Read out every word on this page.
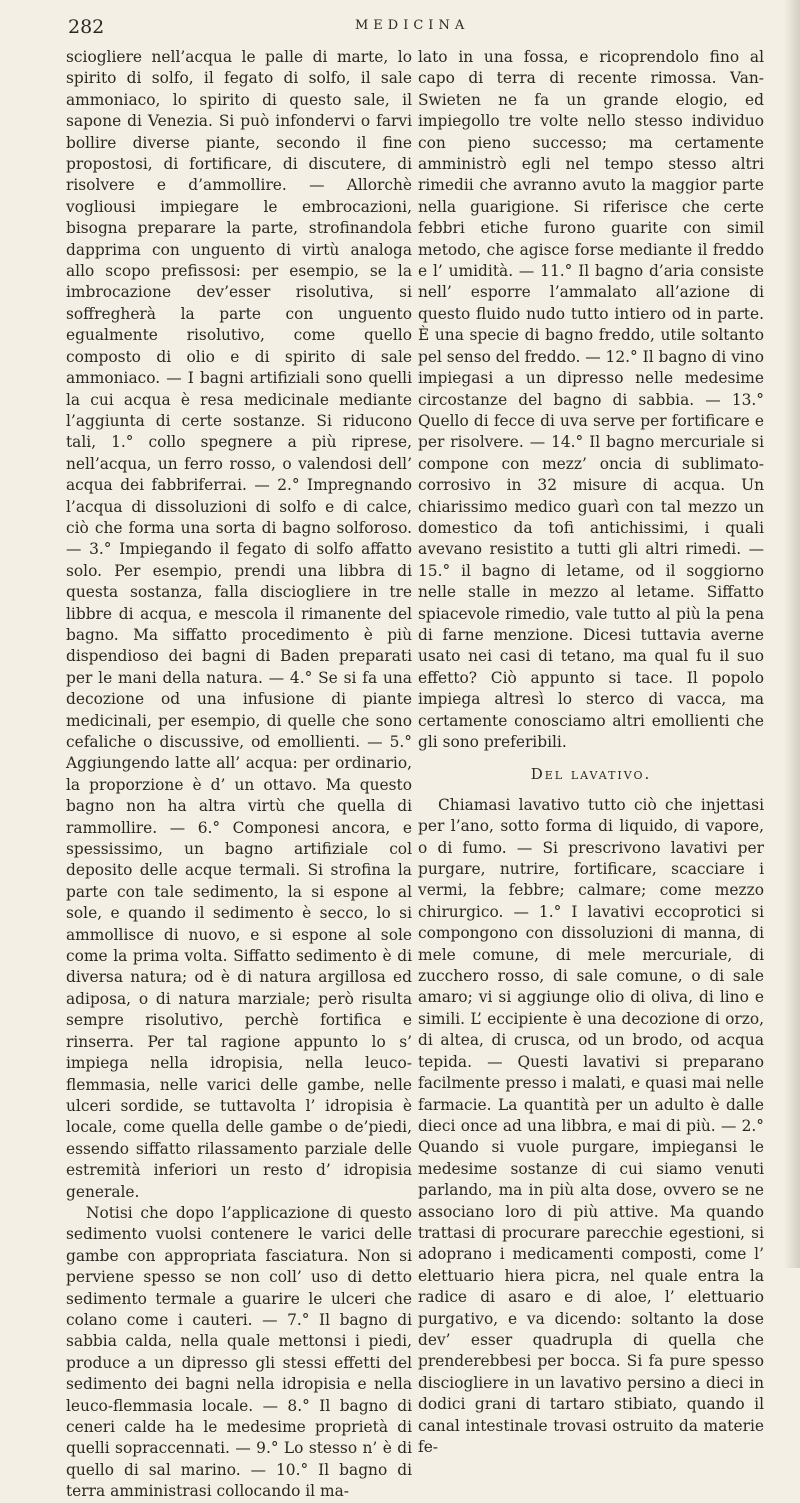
282	MEDICINA

sciogliere nell’acqua le palle di marte, lo spirito di solfo, il fegato di solfo, il sale ammoniaco, lo spirito di questo sale, il sapone di Venezia. Si può infondervi o farvi bollire diverse piante, secondo il fine propostosi, di fortificare, di discutere, di risolvere e d’ammollire. — Allorchè vogliousi impiegare le embrocazioni, bisogna preparare la parte, strofinandola dapprima con unguento di virtù analoga allo scopo prefissosi: per esempio, se la imbrocazione dev’esser risolutiva, si soffregherà la parte con unguento egualmente risolutivo, come quello composto di olio e di spirito di sale ammoniaco. — I bagni artifiziali sono quelli la cui acqua è resa medicinale mediante l’aggiunta di certe sostanze. Si riducono tali, 1.° collo spegnere a più riprese, nell’acqua, un ferro rosso, o valendosi dell’ acqua dei fabbriferrai. — 2.° Impregnando l’acqua di dissoluzioni di solfo e di calce, ciò che forma una sorta di bagno solforoso. — 3.° Impiegando il fegato di solfo affatto solo. Per esempio, prendi una libbra di questa sostanza, falla disciogliere in tre libbre di acqua, e mescola il rimanente del bagno. Ma siffatto procedimento è più dispendioso dei bagni di Baden preparati per le mani della natura. — 4.° Se si fa una decozione od una infusione di piante medicinali, per esempio, di quelle che sono cefaliche o discussive, od emollienti. — 5.° Aggiungendo latte all’ acqua: per ordinario, la proporzione è d’ un ottavo. Ma questo bagno non ha altra virtù che quella di rammollire. — 6.° Componesi ancora, e spessissimo, un bagno artifiziale col deposito delle acque termali. Si strofina la parte con tale sedimento, la si espone al sole, e quando il sedimento è secco, lo si ammollisce di nuovo, e si espone al sole come la prima volta. Siffatto sedimento è di diversa natura; od è di natura argillosa ed adiposa, o di natura marziale; però risulta sempre risolutivo, perchè fortifica e rinserra. Per tal ragione appunto lo s’ impiega nella idropisia, nella leuco-flemmasia, nelle varici delle gambe, nelle ulceri sordide, se tuttavolta l’ idropisia è locale, come quella delle gambe o de’piedi, essendo siffatto rilassamento parziale delle estremità inferiori un resto d’ idropisia generale.

Notisi che dopo l’applicazione di questo sedimento vuolsi contenere le varici delle gambe con appropriata fasciatura. Non si perviene spesso se non coll’ uso di detto sedimento termale a guarire le ulceri che colano come i cauteri. — 7.° Il bagno di sabbia calda, nella quale mettonsi i piedi, produce a un dipresso gli stessi effetti del sedimento dei bagni nella idropisia e nella leuco-flemmasia locale. — 8.° Il bagno di ceneri calde ha le medesime proprietà di quelli sopraccennati. — 9.° Lo stesso n’ è di quello di sal marino. — 10.° Il bagno di terra amministrasi collocando il ma-

lato in una fossa, e ricoprendolo fino al capo di terra di recente rimossa. Van-Swieten ne fa un grande elogio, ed impiegollo tre volte nello stesso individuo con pieno successo; ma certamente amministrò egli nel tempo stesso altri rimedii che avranno avuto la maggior parte nella guarigione. Si riferisce che certe febbri etiche furono guarite con simil metodo, che agisce forse mediante il freddo e l’ umidità. — 11.° Il bagno d’aria consiste nell’ esporre l’ammalato all’azione di questo fluido nudo tutto intiero od in parte. È una specie di bagno freddo, utile soltanto pel senso del freddo. — 12.° Il bagno di vino impiegasi a un dipresso nelle medesime circostanze del bagno di sabbia. — 13.° Quello di fecce di uva serve per fortificare e per risolvere. — 14.° Il bagno mercuriale si compone con mezz’ oncia di sublimato-corrosivo in 32 misure di acqua. Un chiarissimo medico guarì con tal mezzo un domestico da tofi antichissimi, i quali avevano resistito a tutti gli altri rimedi. — 15.° il bagno di letame, od il soggiorno nelle stalle in mezzo al letame. Siffatto spiacevole rimedio, vale tutto al più la pena di farne menzione. Dicesi tuttavia averne usato nei casi di tetano, ma qual fu il suo effetto? Ciò appunto si tace. Il popolo impiega altresì lo sterco di vacca, ma certamente conosciamo altri emollienti che gli sono preferibili.

Del lavativo.

Chiamasi lavativo tutto ciò che injettasi per l’ano, sotto forma di liquido, di vapore, o di fumo. — Si prescrivono lavativi per purgare, nutrire, fortificare, scacciare i vermi, la febbre; calmare; come mezzo chirurgico. — 1.° I lavativi eccoprotici si compongono con dissoluzioni di manna, di mele comune, di mele mercuriale, di zucchero rosso, di sale comune, o di sale amaro; vi si aggiunge olio di oliva, di lino e simili. L’ eccipiente è una decozione di orzo, di altea, di crusca, od un brodo, od acqua tepida. — Questi lavativi si preparano facilmente presso i malati, e quasi mai nelle farmacie. La quantità per un adulto è dalle dieci once ad una libbra, e mai di più. — 2.° Quando si vuole purgare, impiegansi le medesime sostanze di cui siamo venuti parlando, ma in più alta dose, ovvero se ne associano loro di più attive. Ma quando trattasi di procurare parecchie egestioni, si adoprano i medicamenti composti, come l’ elettuario hiera picra, nel quale entra la radice di asaro e di aloe, l’ elettuario purgativo, e va dicendo: soltanto la dose dev’ esser quadrupla di quella che prenderebbesi per bocca. Si fa pure spesso disciogliere in un lavativo persino a dieci in dodici grani di tartaro stibiato, quando il canal intestinale trovasi ostruito da materie fe-
